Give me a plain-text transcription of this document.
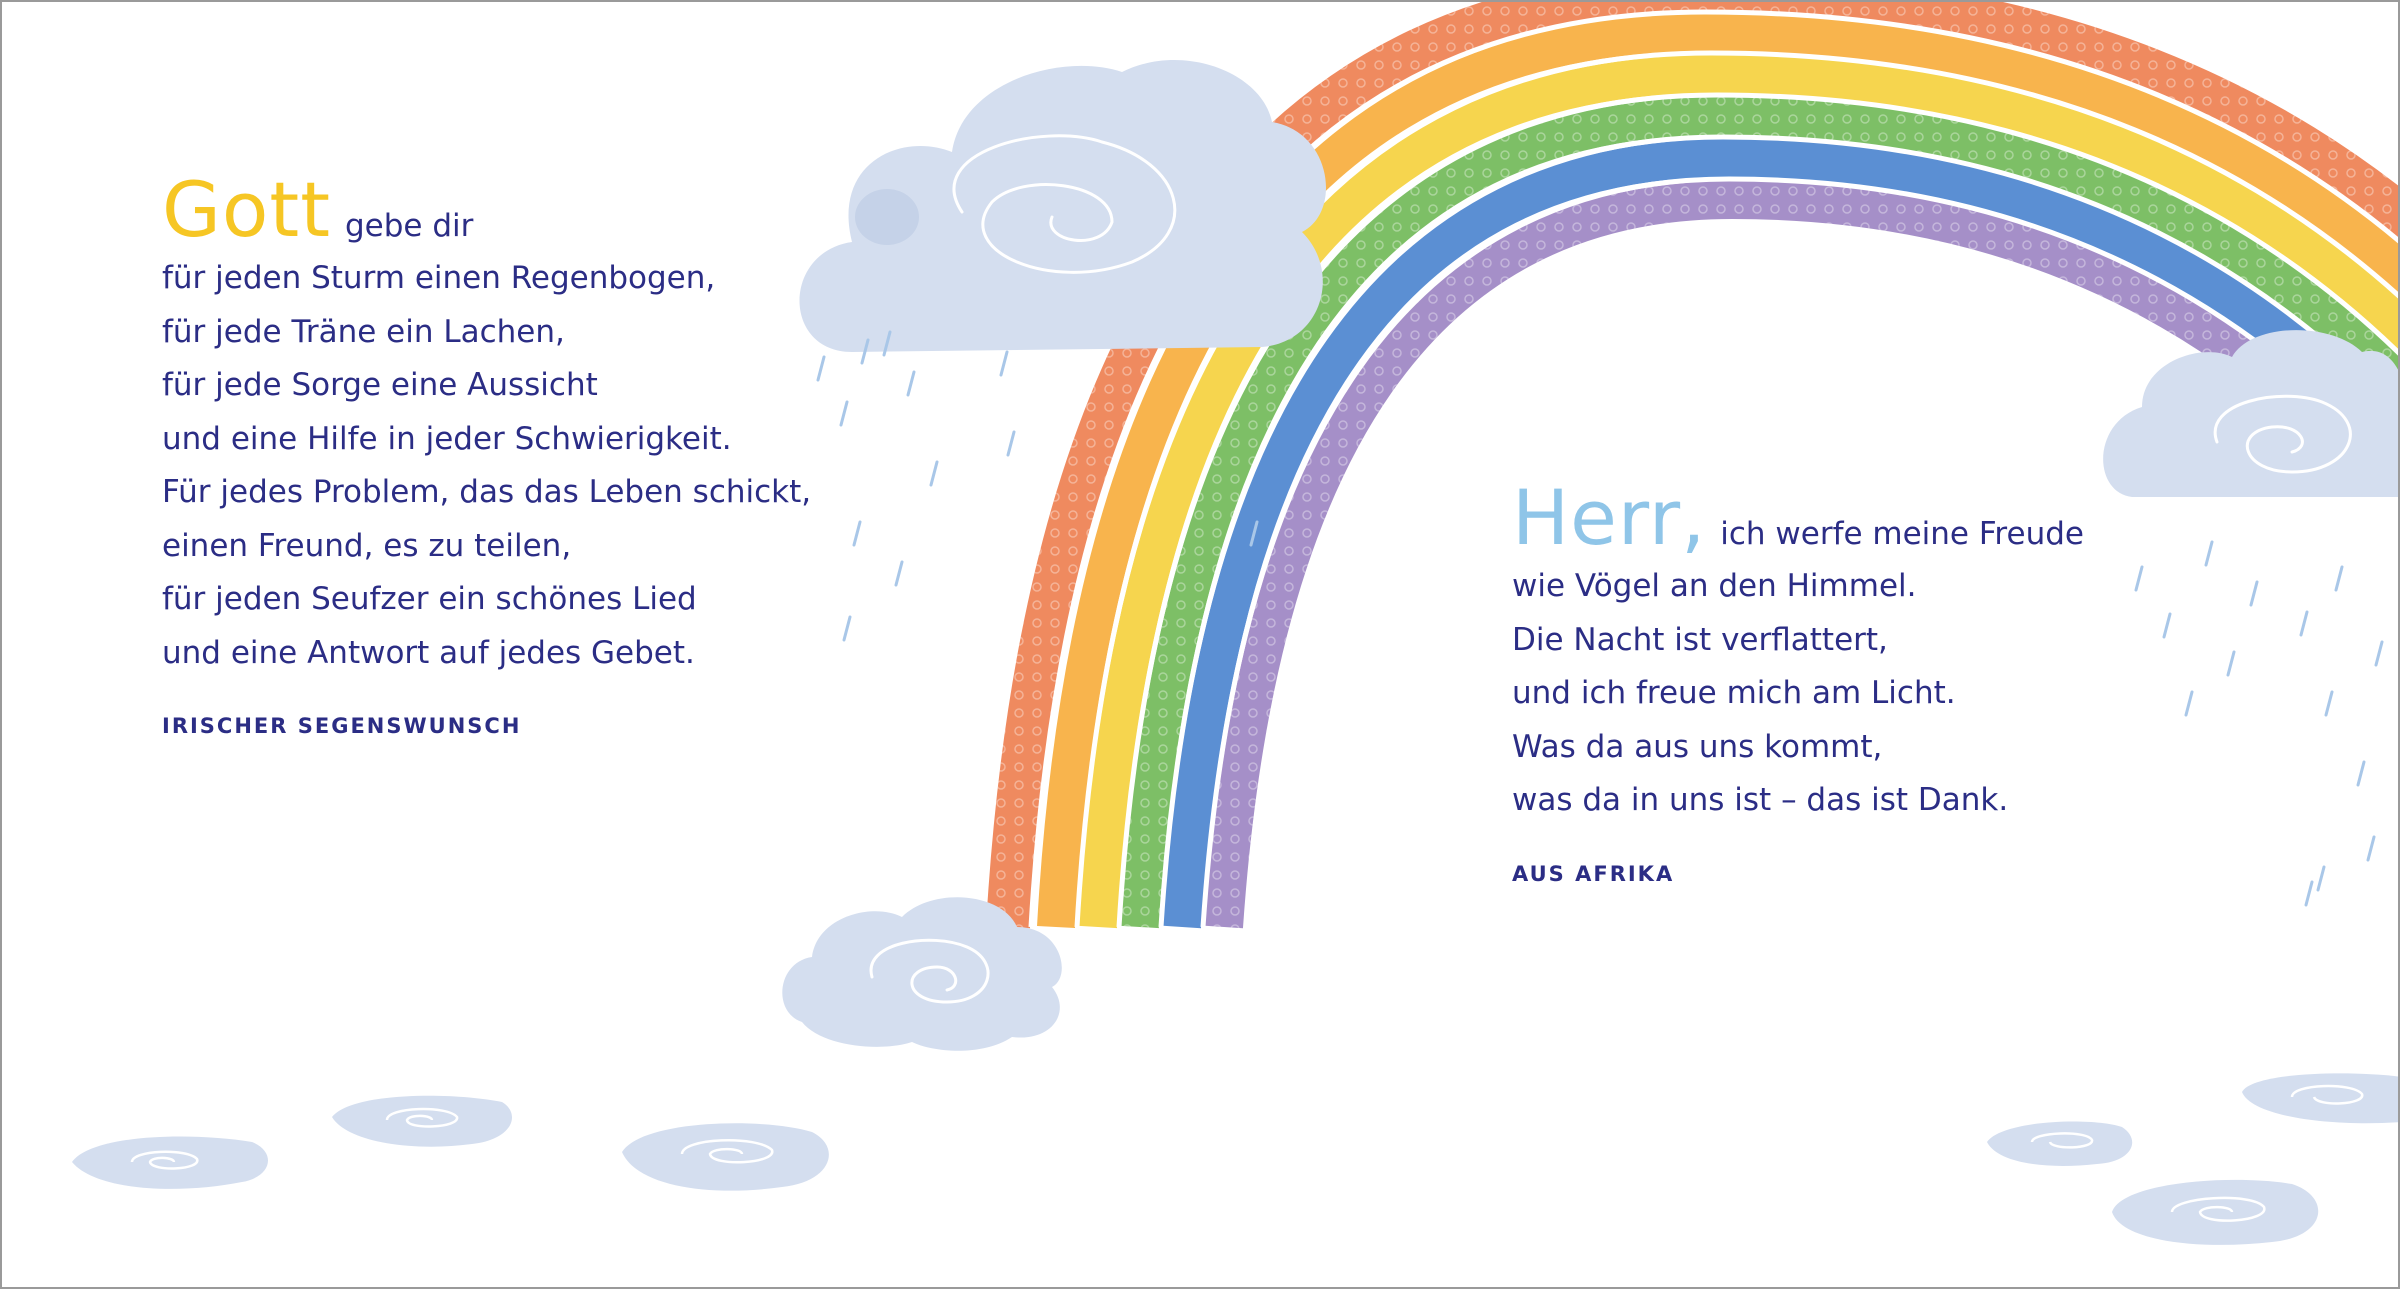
Gott gebe dir
für jeden Sturm einen Regenbogen,
für jede Träne ein Lachen,
für jede Sorge eine Aussicht
und eine Hilfe in jeder Schwierigkeit.
Für jedes Problem, das das Leben schickt,
einen Freund, es zu teilen,
für jeden Seufzer ein schönes Lied
und eine Antwort auf jedes Gebet.
IRISCHER SEGENSWUNSCH
Herr, ich werfe meine Freude
wie Vögel an den Himmel.
Die Nacht ist verflattert,
und ich freue mich am Licht.
Was da aus uns kommt,
was da in uns ist – das ist Dank.
AUS AFRIKA
